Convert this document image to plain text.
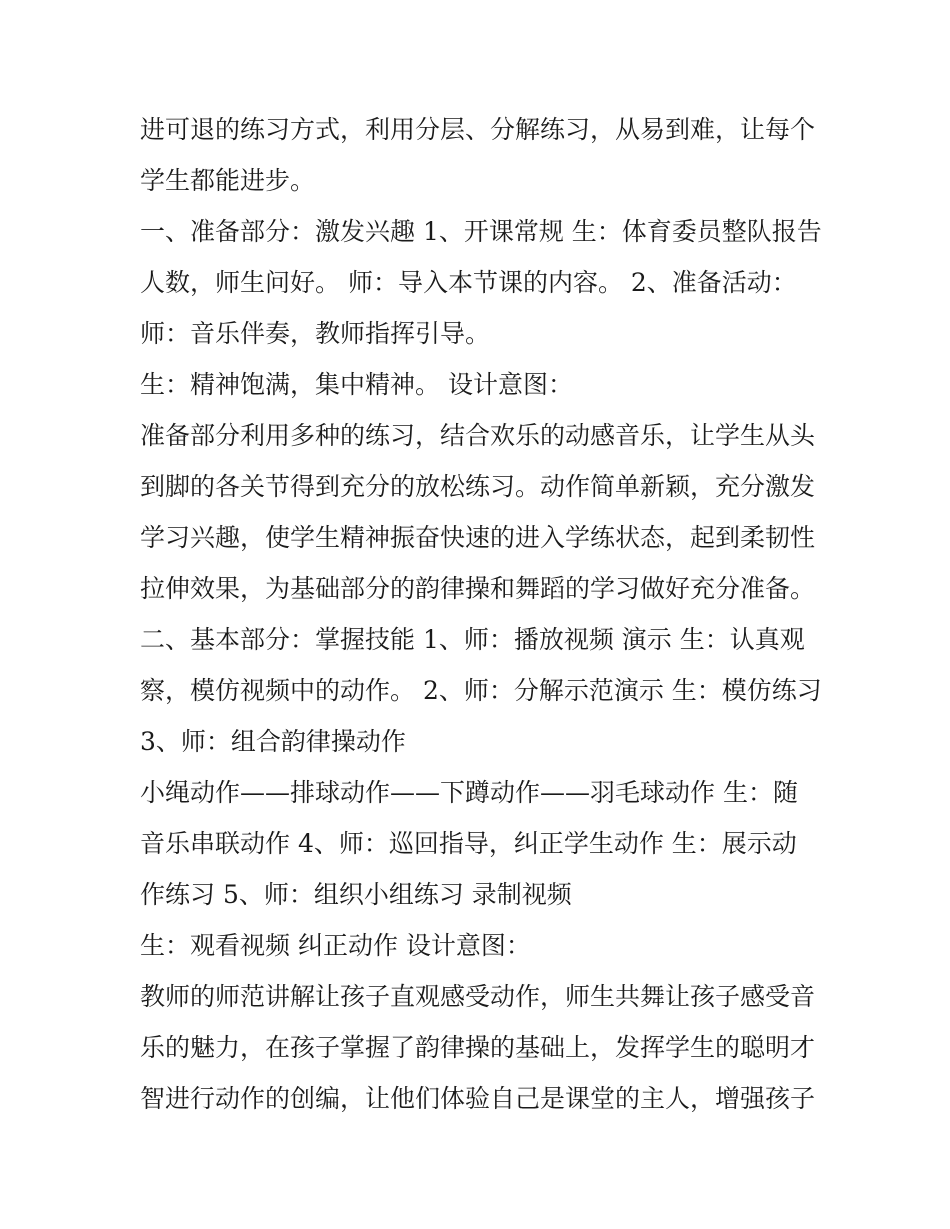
进可退的练习方式，利用分层、分解练习，从易到难，让每个
学生都能进步。
一、准备部分：激发兴趣 1、开课常规 生：体育委员整队报告
人数，师生问好。 师：导入本节课的内容。 2、准备活动：
师：音乐伴奏，教师指挥引导。
生：精神饱满，集中精神。 设计意图：
准备部分利用多种的练习，结合欢乐的动感音乐，让学生从头
到脚的各关节得到充分的放松练习。动作简单新颖，充分激发
学习兴趣，使学生精神振奋快速的进入学练状态，起到柔韧性
拉伸效果，为基础部分的韵律操和舞蹈的学习做好充分准备。
二、基本部分：掌握技能 1、师：播放视频 演示 生：认真观
察，模仿视频中的动作。 2、师：分解示范演示 生：模仿练习
3、师：组合韵律操动作
小绳动作——排球动作——下蹲动作——羽毛球动作 生：随
音乐串联动作 4、师：巡回指导，纠正学生动作 生：展示动
作练习 5、师：组织小组练习 录制视频
生：观看视频 纠正动作 设计意图：
教师的师范讲解让孩子直观感受动作，师生共舞让孩子感受音
乐的魅力，在孩子掌握了韵律操的基础上，发挥学生的聪明才
智进行动作的创编，让他们体验自己是课堂的主人，增强孩子
